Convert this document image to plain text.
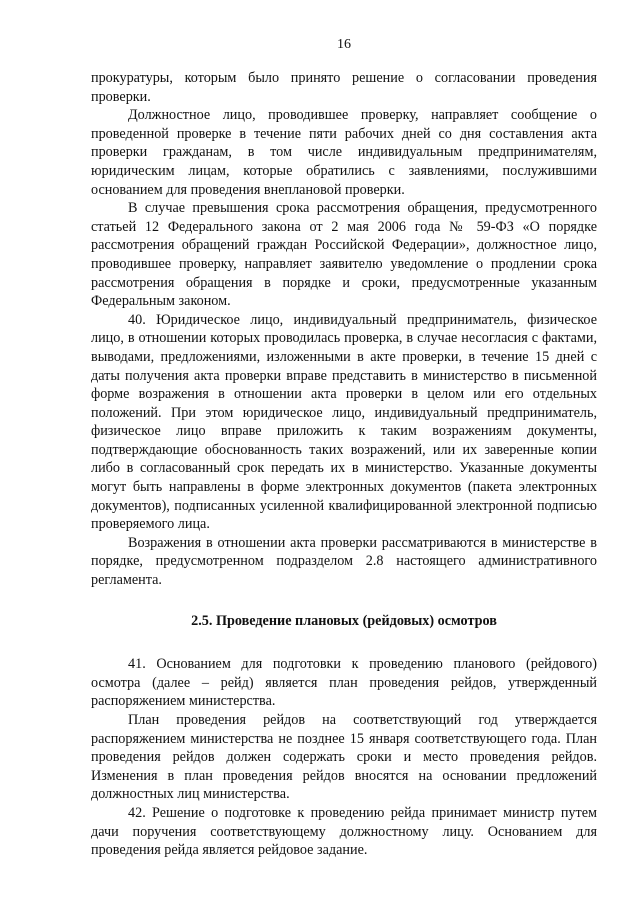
16

прокуратуры, которым было принято решение о согласовании проведения проверки.

Должностное лицо, проводившее проверку, направляет сообщение о проведенной проверке в течение пяти рабочих дней со дня составления акта проверки гражданам, в том числе индивидуальным предпринимателям, юридическим лицам, которые обратились с заявлениями, послужившими основанием для проведения внеплановой проверки.

В случае превышения срока рассмотрения обращения, предусмотренного статьей 12 Федерального закона от 2 мая 2006 года № 59-ФЗ «О порядке рассмотрения обращений граждан Российской Федерации», должностное лицо, проводившее проверку, направляет заявителю уведомление о продлении срока рассмотрения обращения в порядке и сроки, предусмотренные указанным Федеральным законом.

40. Юридическое лицо, индивидуальный предприниматель, физическое лицо, в отношении которых проводилась проверка, в случае несогласия с фактами, выводами, предложениями, изложенными в акте проверки, в течение 15 дней с даты получения акта проверки вправе представить в министерство в письменной форме возражения в отношении акта проверки в целом или его отдельных положений. При этом юридическое лицо, индивидуальный предприниматель, физическое лицо вправе приложить к таким возражениям документы, подтверждающие обоснованность таких возражений, или их заверенные копии либо в согласованный срок передать их в министерство. Указанные документы могут быть направлены в форме электронных документов (пакета электронных документов), подписанных усиленной квалифицированной электронной подписью проверяемого лица.

Возражения в отношении акта проверки рассматриваются в министерстве в порядке, предусмотренном подразделом 2.8 настоящего административного регламента.

2.5. Проведение плановых (рейдовых) осмотров

41. Основанием для подготовки к проведению планового (рейдового) осмотра (далее – рейд) является план проведения рейдов, утвержденный распоряжением министерства.

План проведения рейдов на соответствующий год утверждается распоряжением министерства не позднее 15 января соответствующего года. План проведения рейдов должен содержать сроки и место проведения рейдов. Изменения в план проведения рейдов вносятся на основании предложений должностных лиц министерства.

42. Решение о подготовке к проведению рейда принимает министр путем дачи поручения соответствующему должностному лицу. Основанием для проведения рейда является рейдовое задание.
